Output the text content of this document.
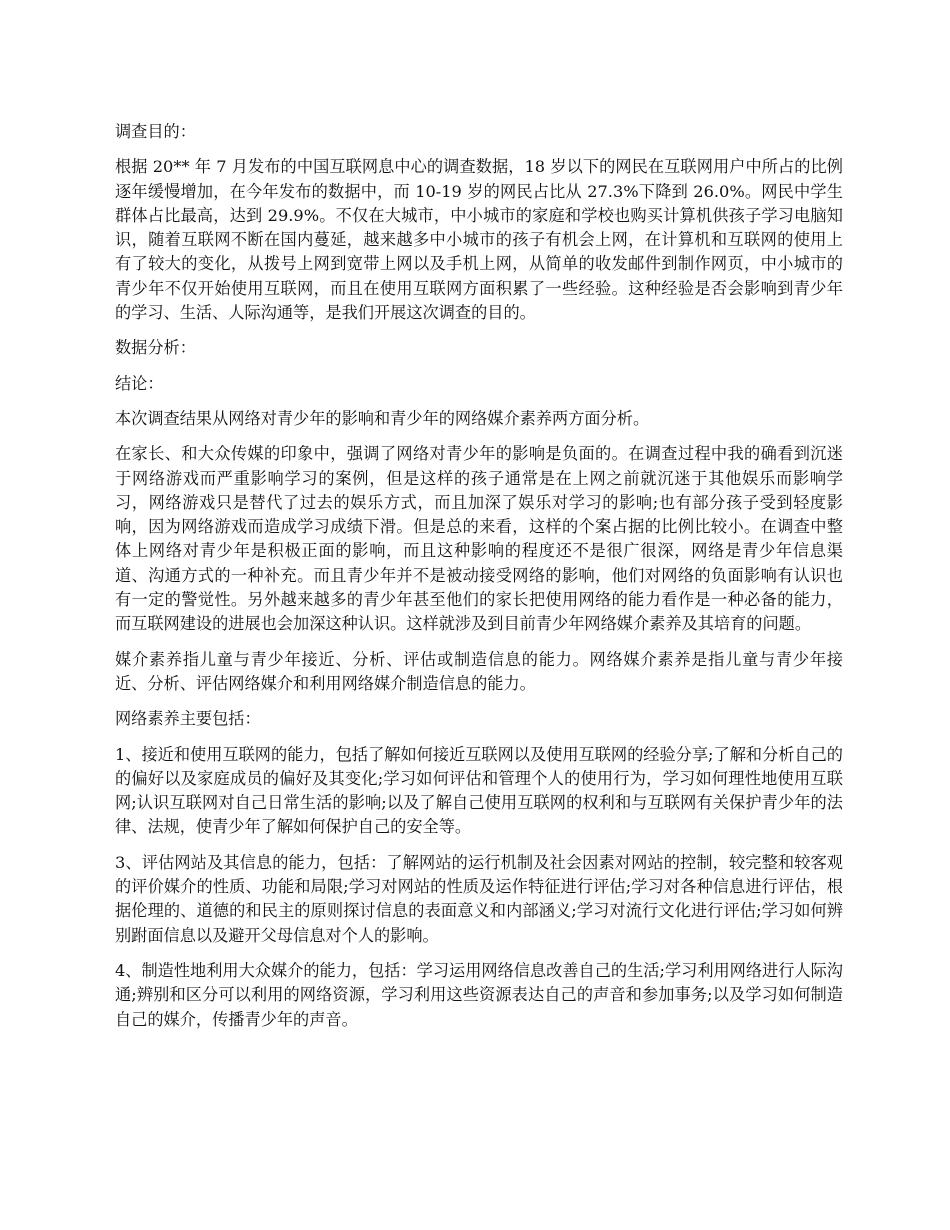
调查目的：

根据 20** 年 7 月发布的中国互联网息中心的调查数据，18 岁以下的网民在互联网用户中所占的比例逐年缓慢增加，在今年发布的数据中，而 10-19 岁的网民占比从 27.3%下降到 26.0%。网民中学生群体占比最高，达到 29.9%。不仅在大城市，中小城市的家庭和学校也购买计算机供孩子学习电脑知识，随着互联网不断在国内蔓延，越来越多中小城市的孩子有机会上网，在计算机和互联网的使用上有了较大的变化，从拨号上网到宽带上网以及手机上网，从简单的收发邮件到制作网页，中小城市的青少年不仅开始使用互联网，而且在使用互联网方面积累了一些经验。这种经验是否会影响到青少年的学习、生活、人际沟通等，是我们开展这次调查的目的。

数据分析：

结论：

本次调查结果从网络对青少年的影响和青少年的网络媒介素养两方面分析。

在家长、和大众传媒的印象中，强调了网络对青少年的影响是负面的。在调查过程中我的确看到沉迷于网络游戏而严重影响学习的案例，但是这样的孩子通常是在上网之前就沉迷于其他娱乐而影响学习，网络游戏只是替代了过去的娱乐方式，而且加深了娱乐对学习的影响;也有部分孩子受到轻度影响，因为网络游戏而造成学习成绩下滑。但是总的来看，这样的个案占据的比例比较小。在调查中整体上网络对青少年是积极正面的影响，而且这种影响的程度还不是很广很深，网络是青少年信息渠道、沟通方式的一种补充。而且青少年并不是被动接受网络的影响，他们对网络的负面影响有认识也有一定的警觉性。另外越来越多的青少年甚至他们的家长把使用网络的能力看作是一种必备的能力，而互联网建设的进展也会加深这种认识。这样就涉及到目前青少年网络媒介素养及其培育的问题。

媒介素养指儿童与青少年接近、分析、评估或制造信息的能力。网络媒介素养是指儿童与青少年接近、分析、评估网络媒介和利用网络媒介制造信息的能力。

网络素养主要包括：

1、接近和使用互联网的能力，包括了解如何接近互联网以及使用互联网的经验分享;了解和分析自己的的偏好以及家庭成员的偏好及其变化;学习如何评估和管理个人的使用行为，学习如何理性地使用互联网;认识互联网对自己日常生活的影响;以及了解自己使用互联网的权利和与互联网有关保护青少年的法律、法规，使青少年了解如何保护自己的安全等。

3、评估网站及其信息的能力，包括：了解网站的运行机制及社会因素对网站的控制，较完整和较客观的评价媒介的性质、功能和局限;学习对网站的性质及运作特征进行评估;学习对各种信息进行评估，根据伦理的、道德的和民主的原则探讨信息的表面意义和内部涵义;学习对流行文化进行评估;学习如何辨别跗面信息以及避开父母信息对个人的影响。

4、制造性地利用大众媒介的能力，包括：学习运用网络信息改善自己的生活;学习利用网络进行人际沟通;辨别和区分可以利用的网络资源，学习利用这些资源表达自己的声音和参加事务;以及学习如何制造自己的媒介，传播青少年的声音。
